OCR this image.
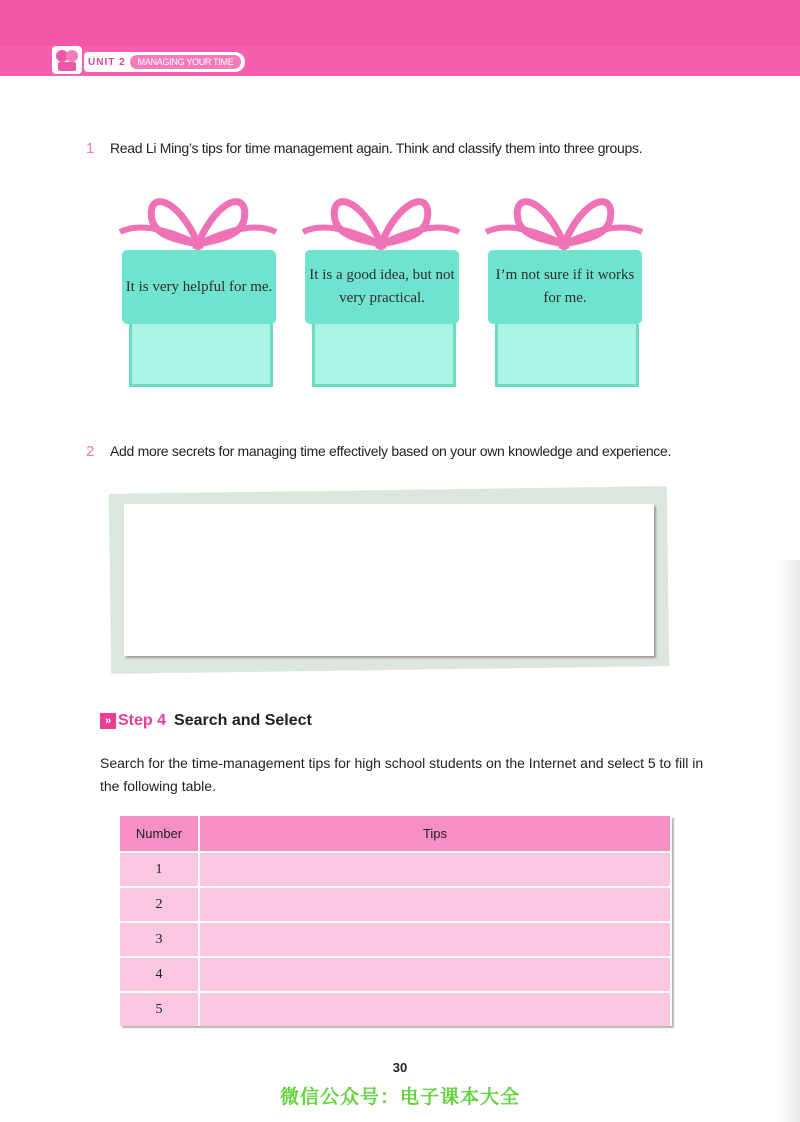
UNIT 2	MANAGING YOUR TIME
1 Read Li Ming’s tips for time management again. Think and classify them into three groups.
It is very helpful for me.
It is a good idea, but not very practical.
I’m not sure if it works for me.
2 Add more secrets for managing time effectively based on your own knowledge and experience.
» Step 4 Search and Select
Search for the time-management tips for high school students on the Internet and select 5 to fill in the following table.
Number	Tips
1	
2	
3	
4	
5	
30
微信公众号：电子课本大全
